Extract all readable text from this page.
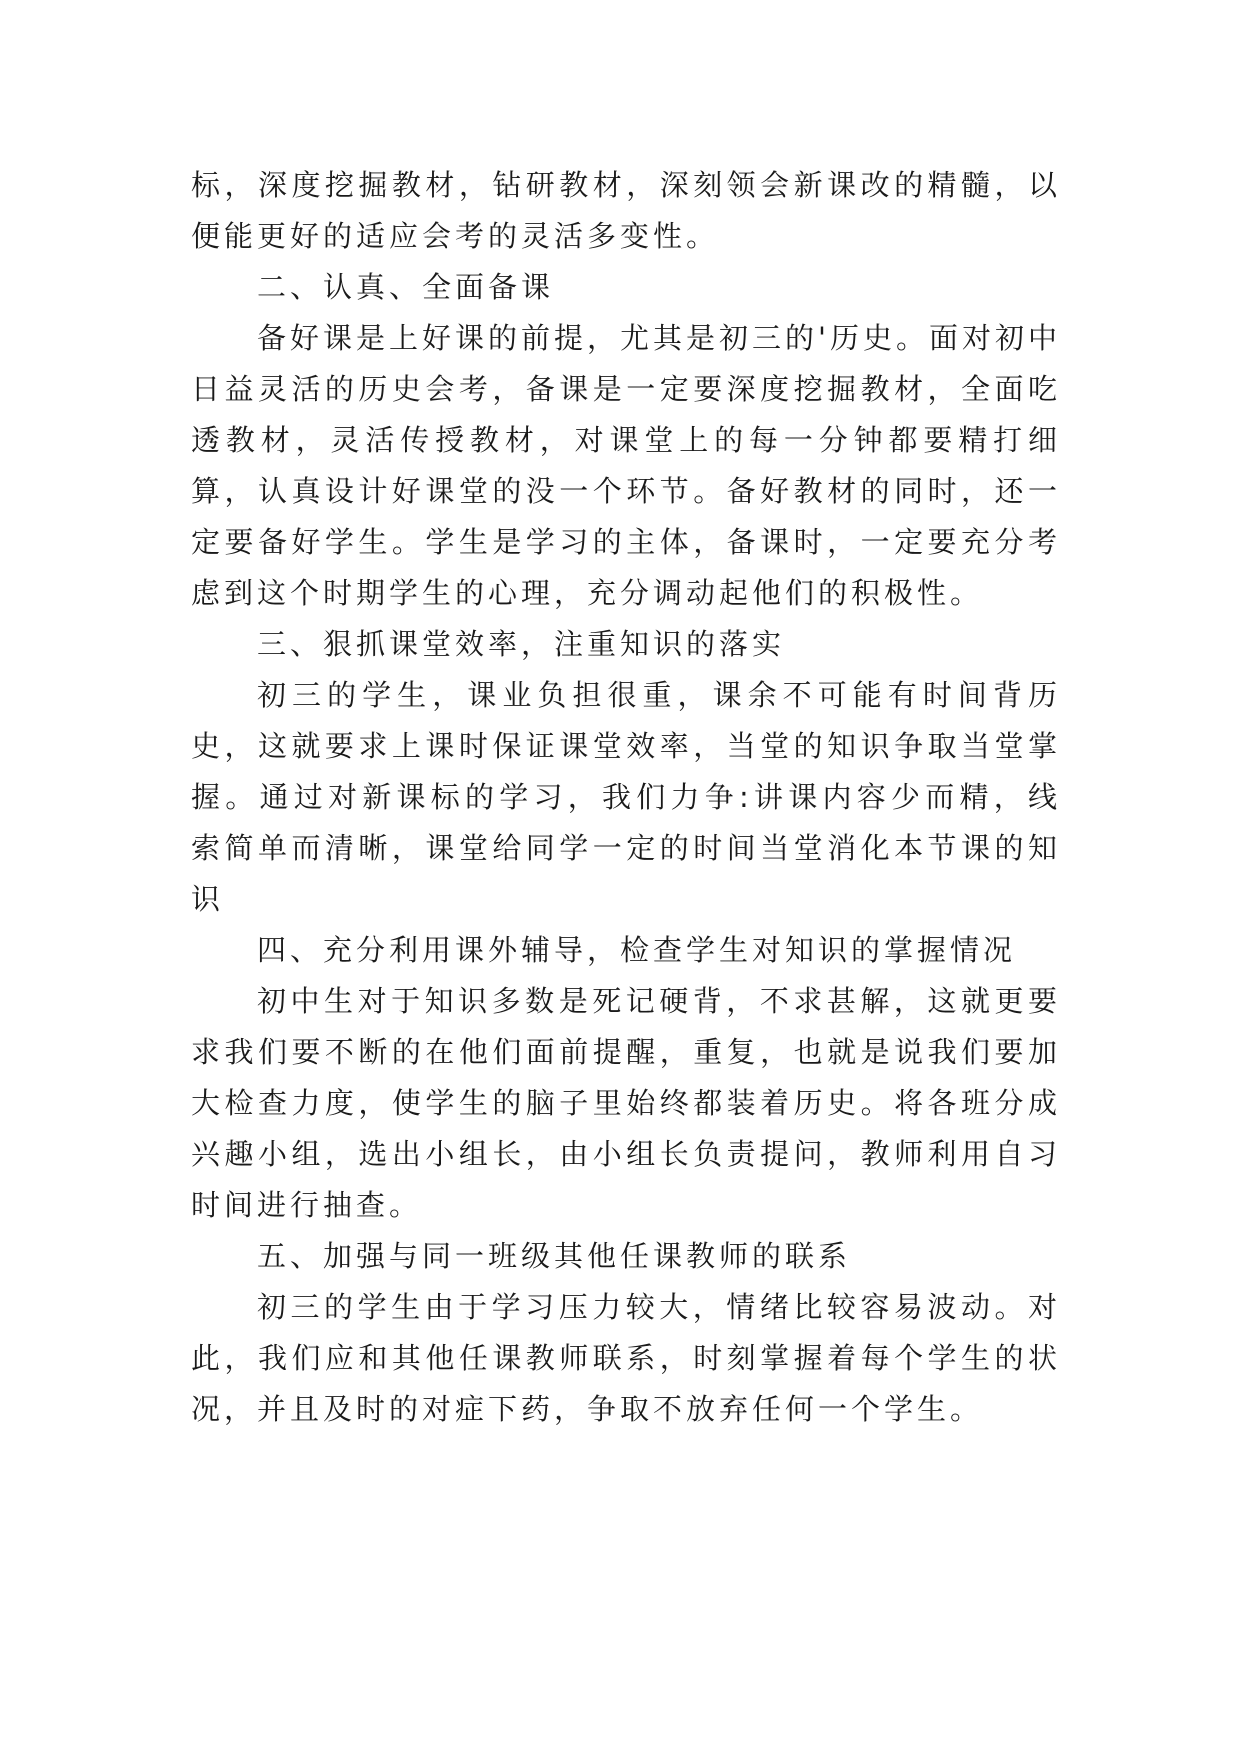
标，深度挖掘教材，钻研教材，深刻领会新课改的精髓，以便能更好的适应会考的灵活多变性。

二、认真、全面备课

备好课是上好课的前提，尤其是初三的'历史。面对初中日益灵活的历史会考，备课是一定要深度挖掘教材，全面吃透教材，灵活传授教材，对课堂上的每一分钟都要精打细算，认真设计好课堂的没一个环节。备好教材的同时，还一定要备好学生。学生是学习的主体，备课时，一定要充分考虑到这个时期学生的心理，充分调动起他们的积极性。

三、狠抓课堂效率，注重知识的落实

初三的学生，课业负担很重，课余不可能有时间背历史，这就要求上课时保证课堂效率，当堂的知识争取当堂掌握。通过对新课标的学习，我们力争:讲课内容少而精，线索简单而清晰，课堂给同学一定的时间当堂消化本节课的知识

四、充分利用课外辅导，检查学生对知识的掌握情况

初中生对于知识多数是死记硬背，不求甚解，这就更要求我们要不断的在他们面前提醒，重复，也就是说我们要加大检查力度，使学生的脑子里始终都装着历史。将各班分成兴趣小组，选出小组长，由小组长负责提问，教师利用自习时间进行抽查。

五、加强与同一班级其他任课教师的联系

初三的学生由于学习压力较大，情绪比较容易波动。对此，我们应和其他任课教师联系，时刻掌握着每个学生的状况，并且及时的对症下药，争取不放弃任何一个学生。
